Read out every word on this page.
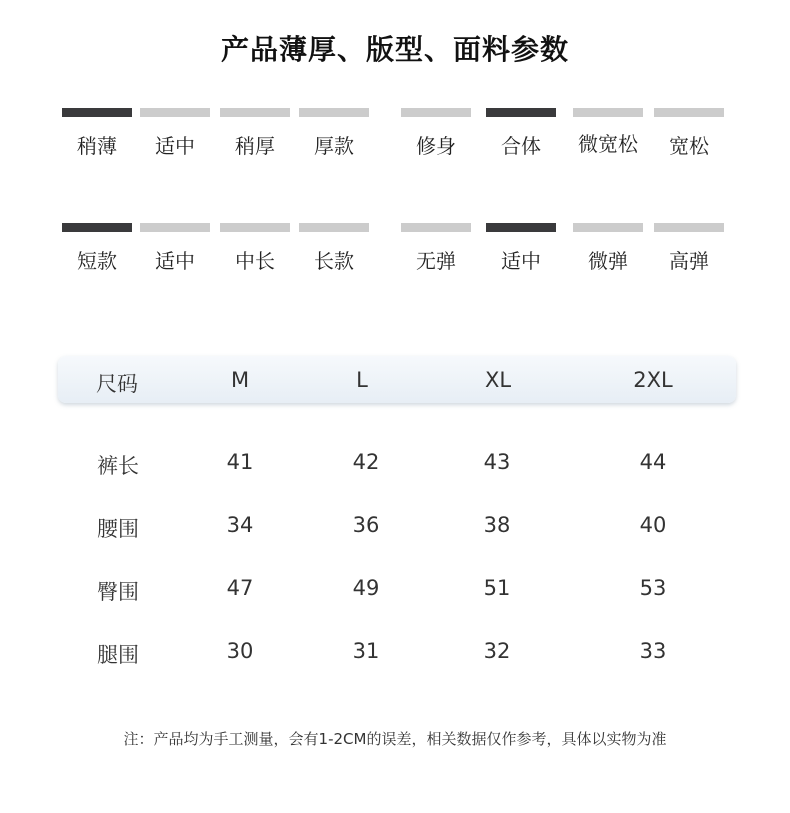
产品薄厚、版型、面料参数
稍薄	适中	稍厚	厚款	修身	合体	微宽松	宽松
短款	适中	中长	长款	无弹	适中	微弹	高弹
尺码	M	L	XL	2XL
裤长	41	42	43	44
腰围	34	36	38	40
臀围	47	49	51	53
腿围	30	31	32	33
注：产品均为手工测量，会有1-2CM的误差，相关数据仅作参考，具体以实物为准
